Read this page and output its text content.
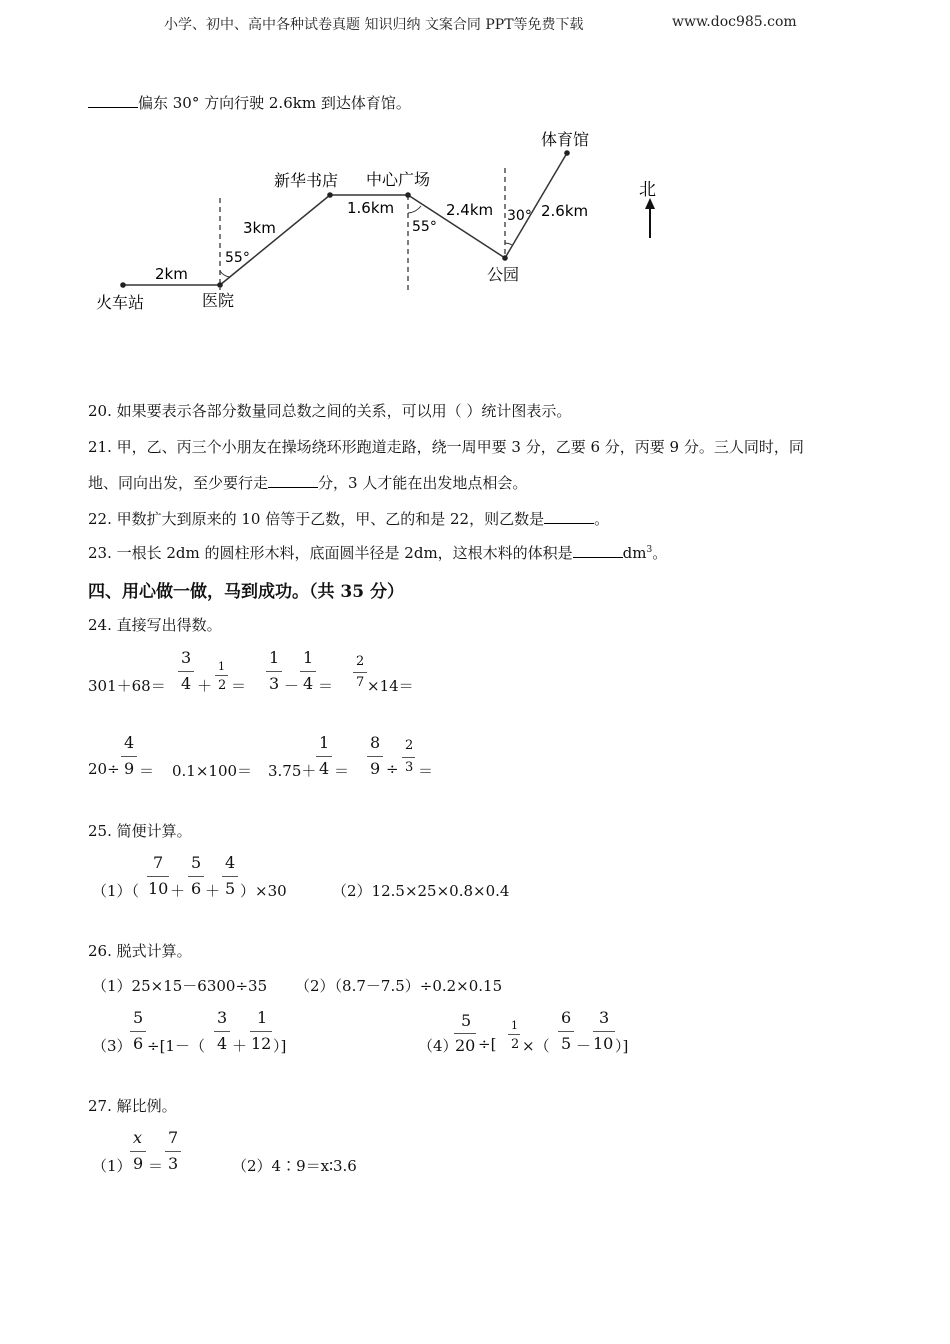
小学、初中、高中各种试卷真题 知识归纳 文案合同 PPT等免费下载	www.doc985.com
偏东 30° 方向行驶 2.6km 到达体育馆。
北
火车站	医院
新华书店 中心广场
公园
体育馆
2km
3km
1.6km	2.4km	2.6km
55°
55°
30°
20. 如果要表示各部分数量同总数之间的关系，可以用（ ）统计图表示。
21. 甲，乙、丙三个小朋友在操场绕环形跑道走路，绕一周甲要 3 分，乙要 6 分，丙要 9 分。三人同时，同
地、同向出发，至少要行走	分，3 人才能在出发地点相会。
22. 甲数扩大到原来的 10 倍等于乙数，甲、乙的和是 22，则乙数是	。
23. 一根长 2dm 的圆柱形木料，底面圆半径是 2dm，这根木料的体积是	$dm^3$。
四、用心做一做，马到成功。（共 35 分）
24. 直接写出得数。
301＋68＝
3
4 ＋
1
2 ＝
1
3 －
1
4 ＝
2
7 ×14＝
20÷
4
9 ＝ 0.1×100＝ 3.75＋
1
4 ＝
8
9 ÷
2
3 ＝
25. 简便计算。
（1）（
7
10 ＋
5
6 ＋
4
5 ）×30	（2）12.5×25×0.8×0.4
26. 脱式计算。
（1）25×15－6300÷35 （2）（8.7－7.5）÷0.2×0.15
（3）
5
6 ÷[1－（
3
4 ＋
1
12 ）]	（4）
5
20 ÷[
1
2 ×（
6
5 －
3
10 ）]
27. 解比例。
（1）
x
9 ＝
7
3	（2）4∶9＝x∶3.6
